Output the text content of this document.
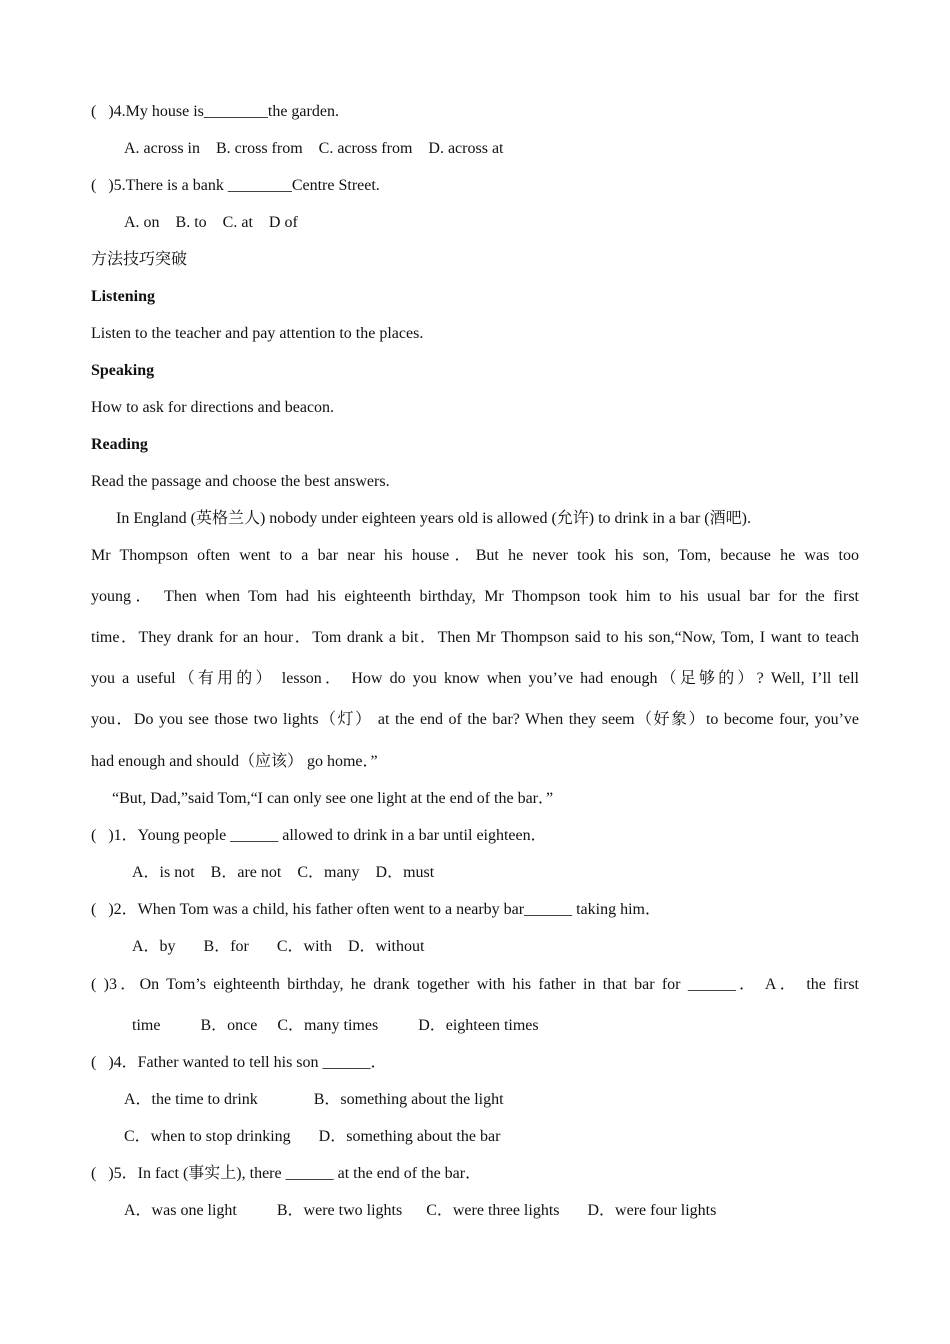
(   )4.My house is________the garden.
A. across in    B. cross from    C. across from    D. across at
(   )5.There is a bank ________Centre Street.
A. on    B. to    C. at    D of
方法技巧突破
Listening
Listen to the teacher and pay attention to the places.
Speaking
How to ask for directions and beacon.
Reading
Read the passage and choose the best answers.
In England (英格兰人) nobody under eighteen years old is allowed (允许) to drink in a bar (酒吧).
Mr Thompson often went to a bar near his house．But he never took his son, Tom, because he was too
young． Then when Tom had his eighteenth birthday, Mr Thompson took him to his usual bar for the first
time．They drank for an hour．Tom drank a bit．Then Mr Thompson said to his son,“Now, Tom, I want to teach
you a useful（有用的） lesson． How do you know when you’ve had enough（足够的）? Well, I’ll tell
you．Do you see those two lights（灯） at the end of the bar? When they seem（好象）to become four, you’ve
had enough and should（应该） go home．”
“But, Dad,”said Tom,“I can only see one light at the end of the bar．”
(   )1．Young people ______ allowed to drink in a bar until eighteen．
A．is not    B．are not    C．many    D．must
(   )2．When Tom was a child, his father often went to a nearby bar______ taking him．
A．by       B．for       C．with    D．without
( )3．On Tom’s eighteenth birthday, he drank together with his father in that bar for ______． A． the first
time          B．once     C．many times          D．eighteen times
(   )4．Father wanted to tell his son ______．
A．the time to drink              B．something about the light
C．when to stop drinking       D．something about the bar
(   )5．In fact (事实上), there ______ at the end of the bar．
A．was one light          B．were two lights      C．were three lights       D．were four lights
